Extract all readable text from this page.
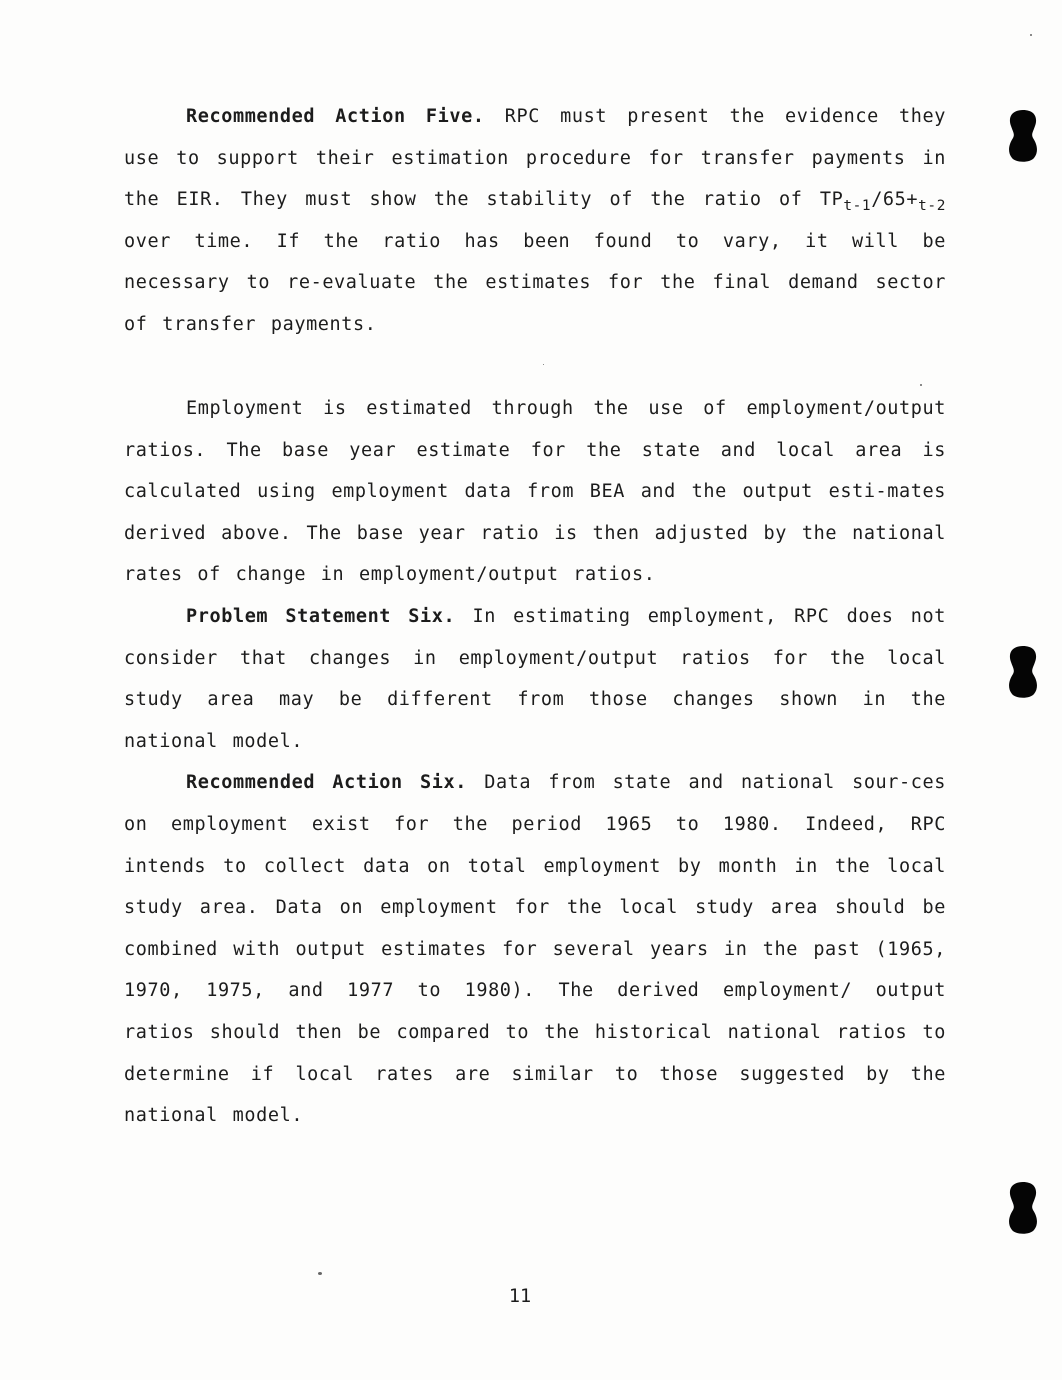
Recommended Action Five. RPC must present the evidence they use to support their estimation procedure for transfer payments in the EIR. They must show the stability of the ratio of $TP_{t-1}/65+_{t-2}$ over time. If the ratio has been found to vary, it will be necessary to re-evaluate the estimates for the final demand sector of transfer payments.

Employment is estimated through the use of employment/output ratios. The base year estimate for the state and local area is calculated using employment data from BEA and the output esti-mates derived above. The base year ratio is then adjusted by the national rates of change in employment/output ratios.

Problem Statement Six. In estimating employment, RPC does not consider that changes in employment/output ratios for the local study area may be different from those changes shown in the national model.

Recommended Action Six. Data from state and national sour-ces on employment exist for the period 1965 to 1980. Indeed, RPC intends to collect data on total employment by month in the local study area. Data on employment for the local study area should be combined with output estimates for several years in the past (1965, 1970, 1975, and 1977 to 1980). The derived employment/ output ratios should then be compared to the historical national ratios to determine if local rates are similar to those suggested by the national model.

11
